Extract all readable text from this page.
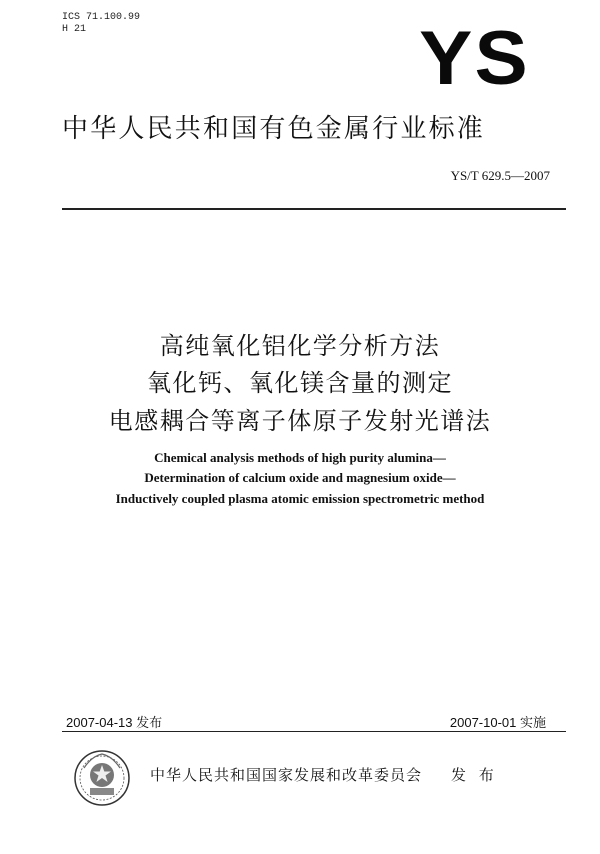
ICS 71.100.99
H 21	YS
中华人民共和国有色金属行业标准
YS/T 629.5—2007
高纯氧化铝化学分析方法
氧化钙、氧化镁含量的测定
电感耦合等离子体原子发射光谱法
Chemical analysis methods of high purity alumina—
Determination of calcium oxide and magnesium oxide—
Inductively coupled plasma atomic emission spectrometric method
2007-04-13 发布	2007-10-01 实施
中华人民共和国国家发展和改革委员会 发 布
